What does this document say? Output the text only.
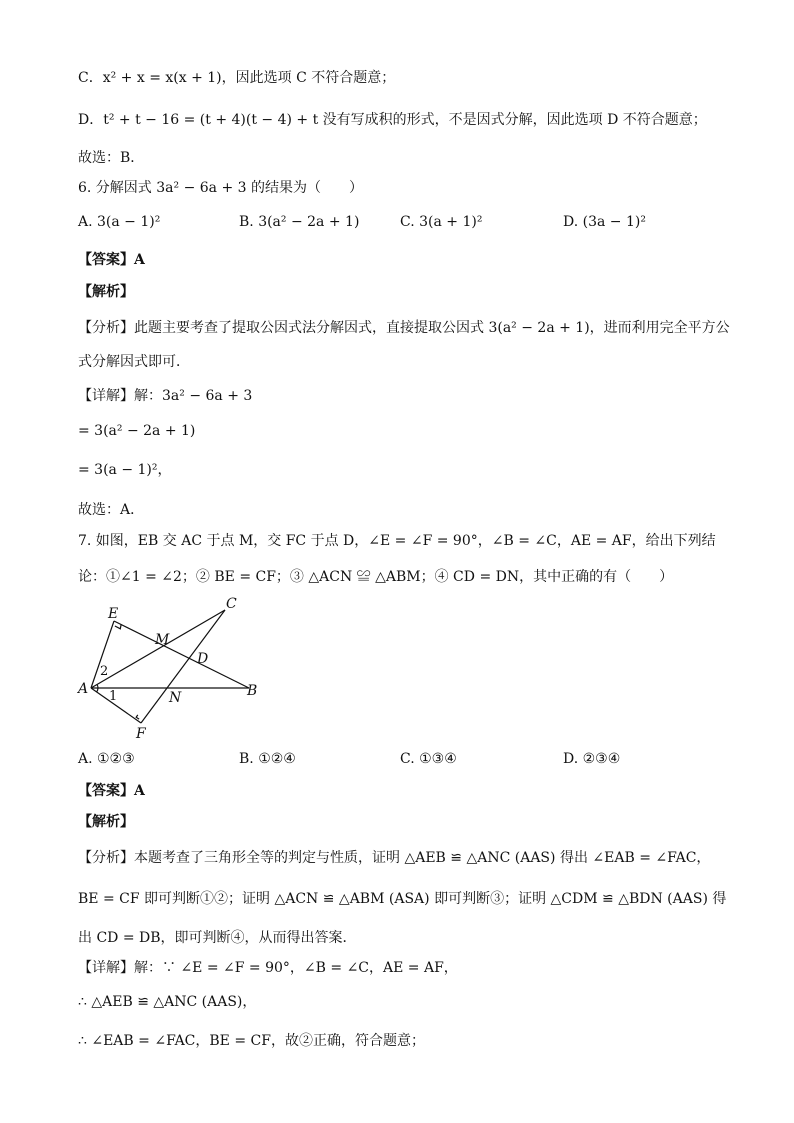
C．x² + x = x(x + 1)，因此选项 C 不符合题意；
D．t² + t − 16 = (t + 4)(t − 4) + t 没有写成积的形式，不是因式分解，因此选项 D 不符合题意；
故选：B．
6. 分解因式 3a² − 6a + 3 的结果为（　　）
A. 3(a − 1)²	B. 3(a² − 2a + 1)	C. 3(a + 1)²	D. (3a − 1)²
【答案】A
【解析】
【分析】此题主要考查了提取公因式法分解因式，直接提取公因式 3(a² − 2a + 1)，进而利用完全平方公
式分解因式即可．
【详解】解：3a² − 6a + 3
= 3(a² − 2a + 1)
= 3(a − 1)²，
故选：A．
7. 如图，EB 交 AC 于点 M，交 FC 于点 D，∠E = ∠F = 90°，∠B = ∠C，AE = AF，给出下列结
论：①∠1 = ∠2；② BE = CF；③ △ACN ≌ △ABM；④ CD = DN，其中正确的有（　　）
E
C
M
D
A	B
N
F
2
1
A. ①②③	B. ①②④	C. ①③④	D. ②③④
【答案】A
【解析】
【分析】本题考查了三角形全等的判定与性质，证明 △AEB ≌ △ANC (AAS) 得出 ∠EAB = ∠FAC，
BE = CF 即可判断①②；证明 △ACN ≌ △ABM (ASA) 即可判断③；证明 △CDM ≌ △BDN (AAS) 得
出 CD = DB，即可判断④，从而得出答案．
【详解】解：∵ ∠E = ∠F = 90°，∠B = ∠C，AE = AF，
∴ △AEB ≌ △ANC (AAS)，
∴ ∠EAB = ∠FAC，BE = CF，故②正确，符合题意；
